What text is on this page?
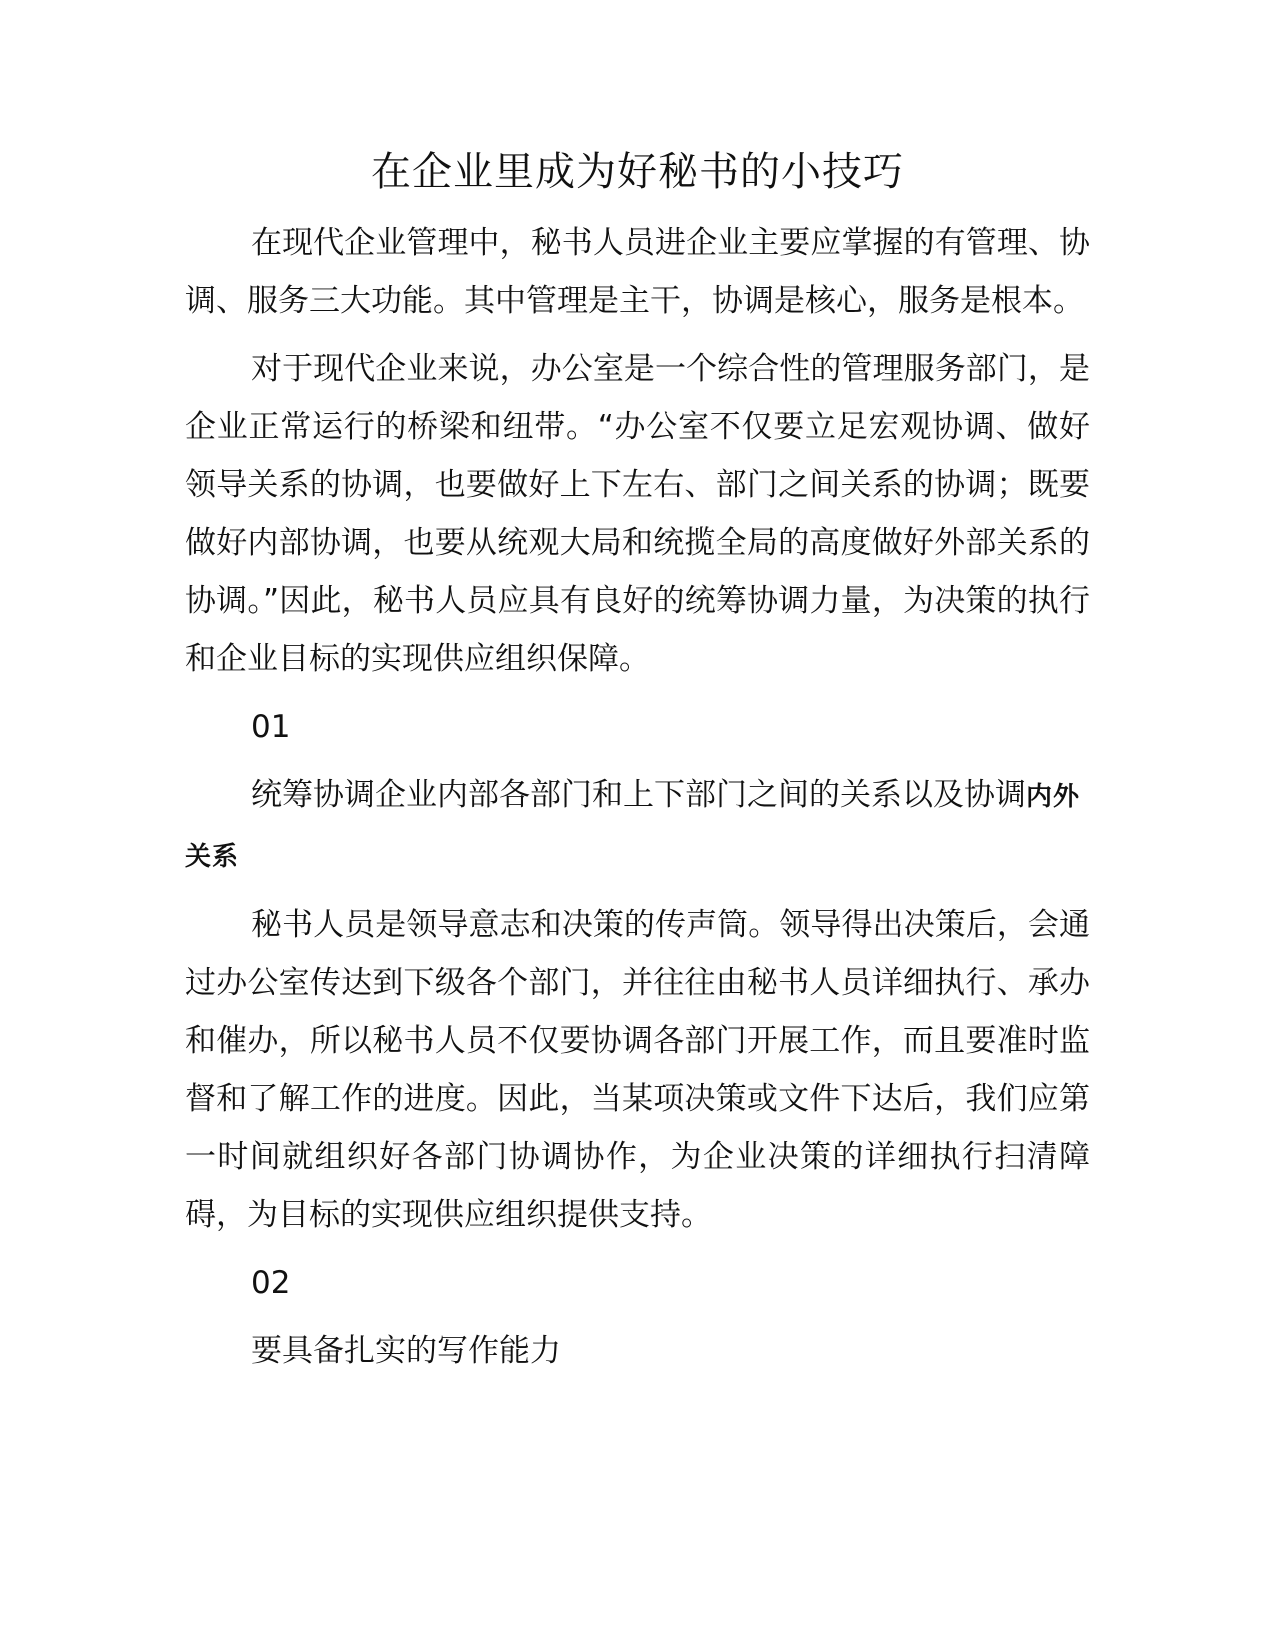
在企业里成为好秘书的小技巧

在现代企业管理中，秘书人员进企业主要应掌握的有管理、协调、服务三大功能。其中管理是主干，协调是核心，服务是根本。

对于现代企业来说，办公室是一个综合性的管理服务部门，是企业正常运行的桥梁和纽带。“办公室不仅要立足宏观协调、做好领导关系的协调，也要做好上下左右、部门之间关系的协调；既要做好内部协调，也要从统观大局和统揽全局的高度做好外部关系的协调。”因此，秘书人员应具有良好的统筹协调力量，为决策的执行和企业目标的实现供应组织保障。

01

统筹协调企业内部各部门和上下部门之间的关系以及协调内外关系

秘书人员是领导意志和决策的传声筒。领导得出决策后，会通过办公室传达到下级各个部门，并往往由秘书人员详细执行、承办和催办，所以秘书人员不仅要协调各部门开展工作，而且要准时监督和了解工作的进度。因此，当某项决策或文件下达后，我们应第一时间就组织好各部门协调协作，为企业决策的详细执行扫清障碍，为目标的实现供应组织提供支持。

02

要具备扎实的写作能力
